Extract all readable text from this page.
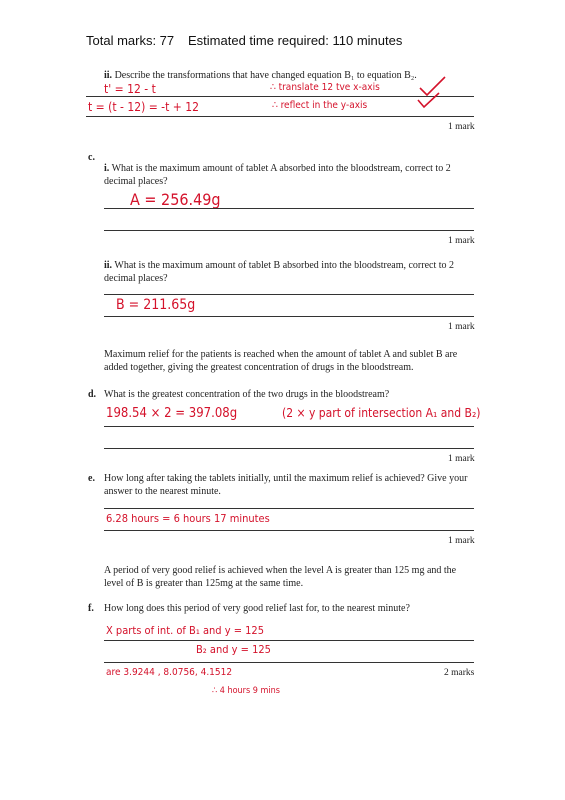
Total marks: 77 Estimated time required: 110 minutes
ii. Describe the transformations that have changed equation B₁ to equation B₂.
t' = 12 - t	∴ translate 12 tve x-axis
t = (t - 12) = -t + 12	∴ reflect in the y-axis
1 mark
c.
i. What is the maximum amount of tablet A absorbed into the bloodstream, correct to 2 decimal places?
A = 256.49g
1 mark
ii. What is the maximum amount of tablet B absorbed into the bloodstream, correct to 2 decimal places?
B = 211.65g
1 mark
Maximum relief for the patients is reached when the amount of tablet A and sublet B are added together, giving the greatest concentration of drugs in the bloodstream.
d. What is the greatest concentration of the two drugs in the bloodstream?
198.54 × 2 = 397.08g	(2 × y part of intersection A₁ and B₂)
1 mark
e. How long after taking the tablets initially, until the maximum relief is achieved? Give your answer to the nearest minute.
6.28 hours = 6 hours 17 minutes
1 mark
A period of very good relief is achieved when the level A is greater than 125 mg and the level of B is greater than 125mg at the same time.
f. How long does this period of very good relief last for, to the nearest minute?
X parts of int. of B₁ and y = 125
B₂ and y = 125
are 3.9244 , 8.0756, 4.1512
∴ 4 hours 9 mins
2 marks
